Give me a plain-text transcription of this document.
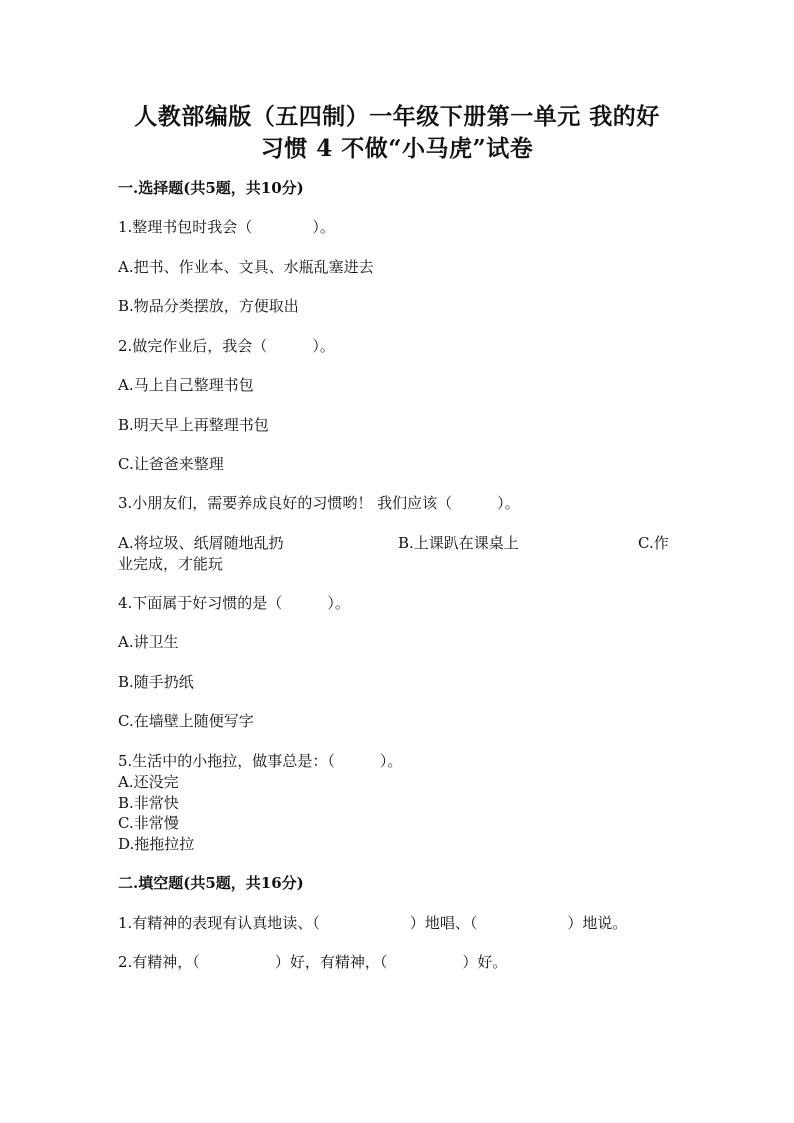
人教部编版（五四制）一年级下册第一单元 我的好
习惯 4 不做“小马虎”试卷
一.选择题(共5题，共10分)
1.整理书包时我会（　　　　）。
A.把书、作业本、文具、水瓶乱塞进去
B.物品分类摆放，方便取出
2.做完作业后，我会（　　　）。
A.马上自己整理书包
B.明天早上再整理书包
C.让爸爸来整理
3.小朋友们，需要养成良好的习惯哟！ 我们应该（　　　）。
A.将垃圾、纸屑随地乱扔	B.上课趴在课桌上	C.作
业完成，才能玩
4.下面属于好习惯的是（　　　）。
A.讲卫生
B.随手扔纸
C.在墙壁上随便写字
5.生活中的小拖拉，做事总是：（　　　）。
A.还没完
B.非常快
C.非常慢
D.拖拖拉拉
二.填空题(共5题，共16分)
1.有精神的表现有认真地读、（　　　　　　）地唱、（　　　　　　）地说。
2.有精神，（　　　　　）好，有精神，（　　　　　）好。
